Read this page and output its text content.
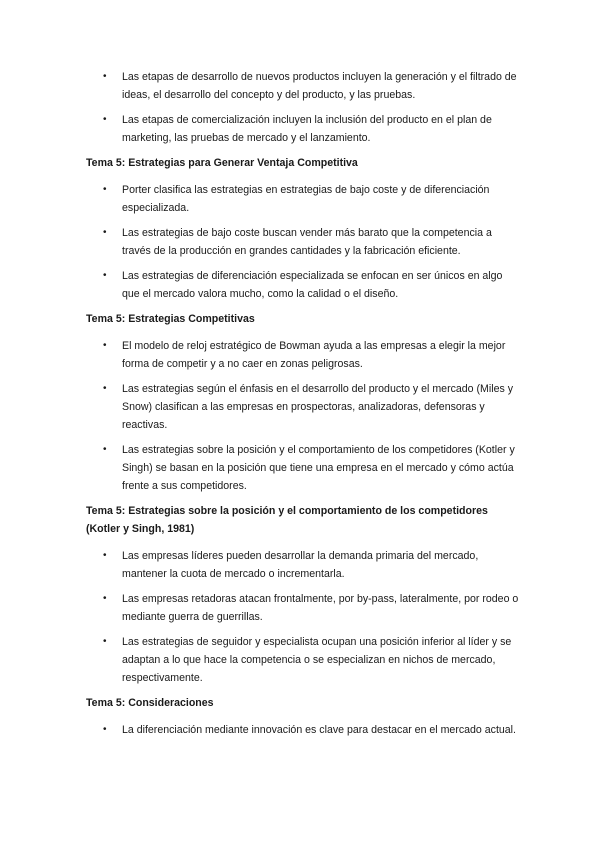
• Las etapas de desarrollo de nuevos productos incluyen la generación y el filtrado de ideas, el desarrollo del concepto y del producto, y las pruebas.
• Las etapas de comercialización incluyen la inclusión del producto en el plan de marketing, las pruebas de mercado y el lanzamiento.

Tema 5: Estrategias para Generar Ventaja Competitiva

• Porter clasifica las estrategias en estrategias de bajo coste y de diferenciación especializada.
• Las estrategias de bajo coste buscan vender más barato que la competencia a través de la producción en grandes cantidades y la fabricación eficiente.
• Las estrategias de diferenciación especializada se enfocan en ser únicos en algo que el mercado valora mucho, como la calidad o el diseño.

Tema 5: Estrategias Competitivas

• El modelo de reloj estratégico de Bowman ayuda a las empresas a elegir la mejor forma de competir y a no caer en zonas peligrosas.
• Las estrategias según el énfasis en el desarrollo del producto y el mercado (Miles y Snow) clasifican a las empresas en prospectoras, analizadoras, defensoras y reactivas.
• Las estrategias sobre la posición y el comportamiento de los competidores (Kotler y Singh) se basan en la posición que tiene una empresa en el mercado y cómo actúa frente a sus competidores.

Tema 5: Estrategias sobre la posición y el comportamiento de los competidores (Kotler y Singh, 1981)

• Las empresas líderes pueden desarrollar la demanda primaria del mercado, mantener la cuota de mercado o incrementarla.
• Las empresas retadoras atacan frontalmente, por by-pass, lateralmente, por rodeo o mediante guerra de guerrillas.
• Las estrategias de seguidor y especialista ocupan una posición inferior al líder y se adaptan a lo que hace la competencia o se especializan en nichos de mercado, respectivamente.

Tema 5: Consideraciones

• La diferenciación mediante innovación es clave para destacar en el mercado actual.
